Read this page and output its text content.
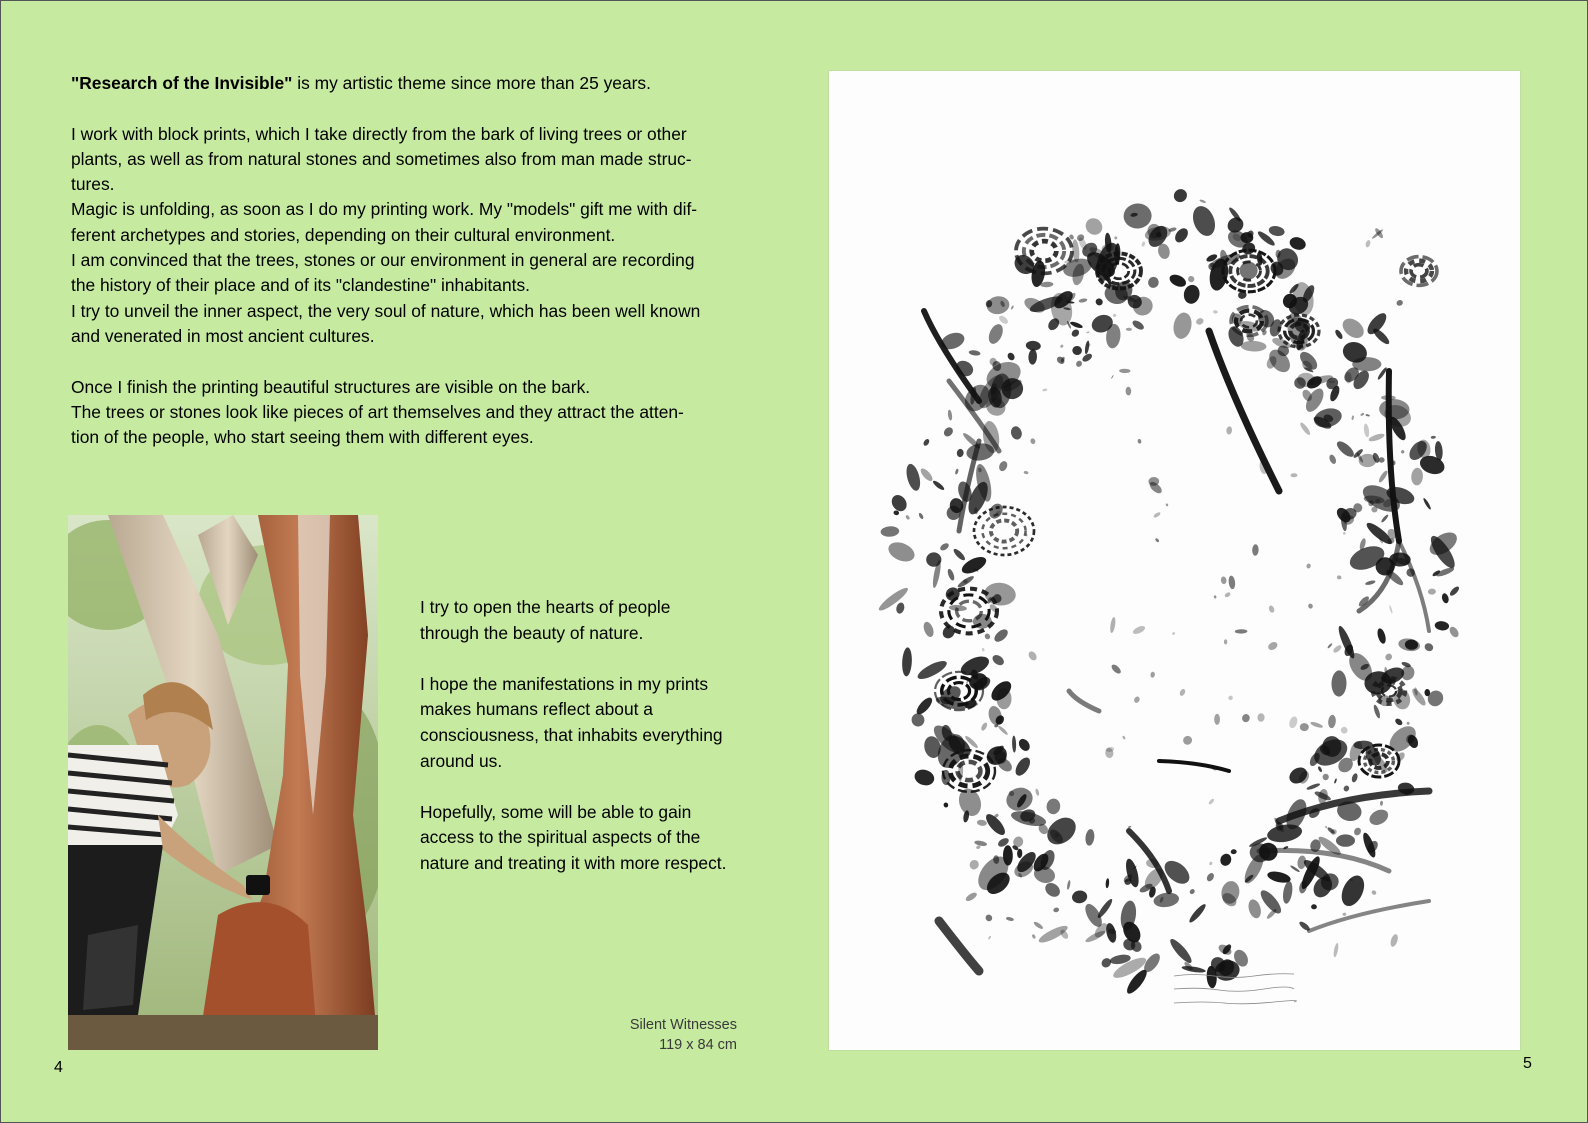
"Research of the Invisible" is my artistic theme since more than 25 years.

I work with block prints, which I take directly from the bark of living trees or other

plants, as well as from natural stones and sometimes also from man made struc-

tures.

Magic is unfolding, as soon as I do my printing work. My "models" gift me with dif-

ferent archetypes and stories, depending on their cultural environment.

I am convinced that the trees, stones or our environment in general are recording

the history of their place and of its "clandestine" inhabitants.

I try to unveil the inner aspect, the very soul of nature, which has been well known

and venerated in most ancient cultures.

Once I finish the printing beautiful structures are visible on the bark.

The trees or stones look like pieces of art themselves and they attract the atten-

tion of the people, who start seeing them with different eyes.

I try to open the hearts of people

through the beauty of nature.

I hope the manifestations in my prints

makes humans reflect about a

consciousness, that inhabits everything

around us.

Hopefully, some will be able to gain

access to the spiritual aspects of the

nature and treating it with more respect.

Silent Witnesses
119 x 84 cm
4	5
